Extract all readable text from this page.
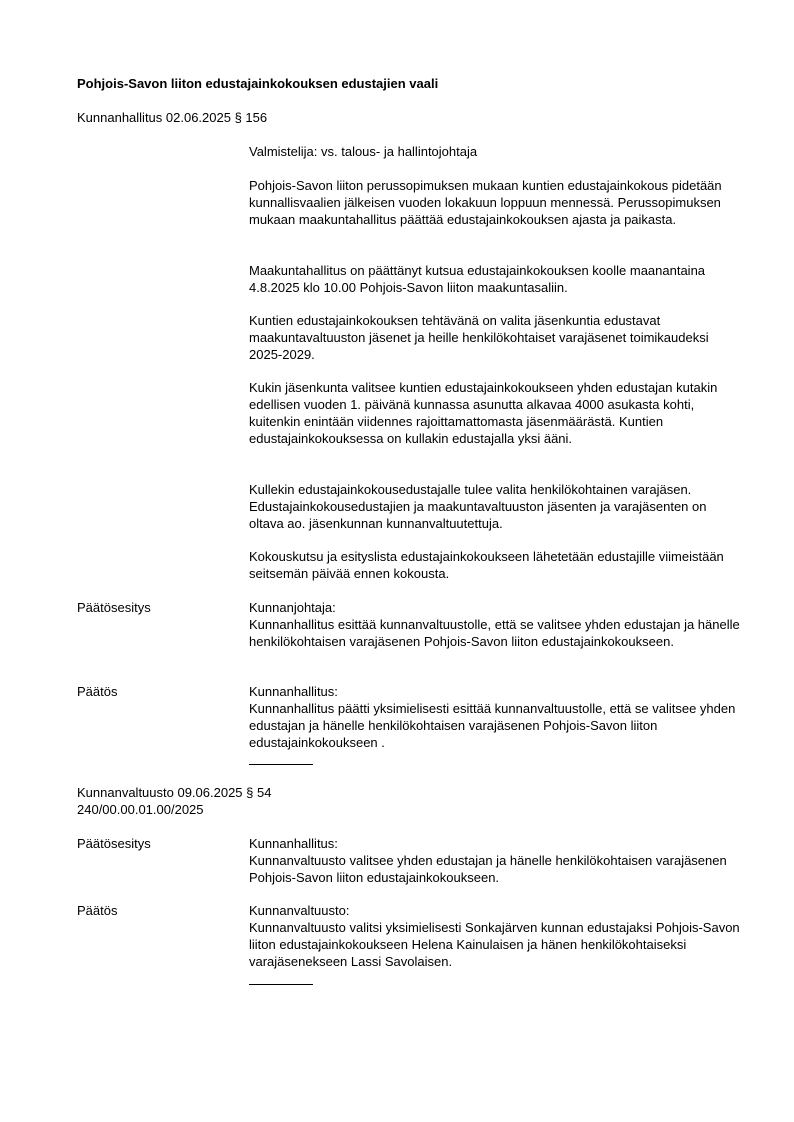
Pohjois-Savon liiton edustajainkokouksen edustajien vaali
Kunnanhallitus 02.06.2025 § 156
Valmistelija: vs. talous- ja hallintojohtaja

Pohjois-Savon liiton perussopimuksen mukaan kuntien edustajainkokous pidetään kunnallisvaalien jälkeisen vuoden lokakuun loppuun mennessä. Perussopimuksen mukaan maakuntahallitus päättää edustajainkokouksen ajasta ja paikasta.

Maakuntahallitus on päättänyt kutsua edustajainkokouksen koolle maanantaina 4.8.2025 klo 10.00 Pohjois-Savon liiton maakuntasaliin.

Kuntien edustajainkokouksen tehtävänä on valita jäsenkuntia edustavat maakuntavaltuuston jäsenet ja heille henkilökohtaiset varajäsenet toimikaudeksi 2025-2029.

Kukin jäsenkunta valitsee kuntien edustajainkokoukseen yhden edustajan kutakin edellisen vuoden 1. päivänä kunnassa asunutta alkavaa 4000 asukasta kohti, kuitenkin enintään viidennes rajoittamattomasta jäsenmäärästä. Kuntien edustajainkokouksessa on kullakin edustajalla yksi ääni.

Kullekin edustajainkokousedustajalle tulee valita henkilökohtainen varajäsen. Edustajainkokousedustajien ja maakuntavaltuuston jäsenten ja varajäsenten on oltava ao. jäsenkunnan kunnanvaltuutettuja.

Kokouskutsu ja esityslista edustajainkokoukseen lähetetään edustajille viimeistään seitsemän päivää ennen kokousta.

Päätösesitys	Kunnanjohtaja:
Kunnanhallitus esittää kunnanvaltuustolle, että se valitsee yhden edustajan ja hänelle henkilökohtaisen varajäsenen Pohjois-Savon liiton edustajainkokoukseen.
Päätös	Kunnanhallitus:
Kunnanhallitus päätti yksimielisesti esittää kunnanvaltuustolle, että se valitsee yhden edustajan ja hänelle henkilökohtaisen varajäsenen Pohjois-Savon liiton edustajainkokoukseen .
Kunnanvaltuusto 09.06.2025 § 54
240/00.00.01.00/2025
Päätösesitys	Kunnanhallitus:
Kunnanvaltuusto valitsee yhden edustajan ja hänelle henkilökohtaisen varajäsenen Pohjois-Savon liiton edustajainkokoukseen.
Päätös	Kunnanvaltuusto:
Kunnanvaltuusto valitsi yksimielisesti Sonkajärven kunnan edustajaksi Pohjois-Savon liiton edustajainkokoukseen Helena Kainulaisen ja hänen henkilökohtaiseksi varajäsenekseen Lassi Savolaisen.
